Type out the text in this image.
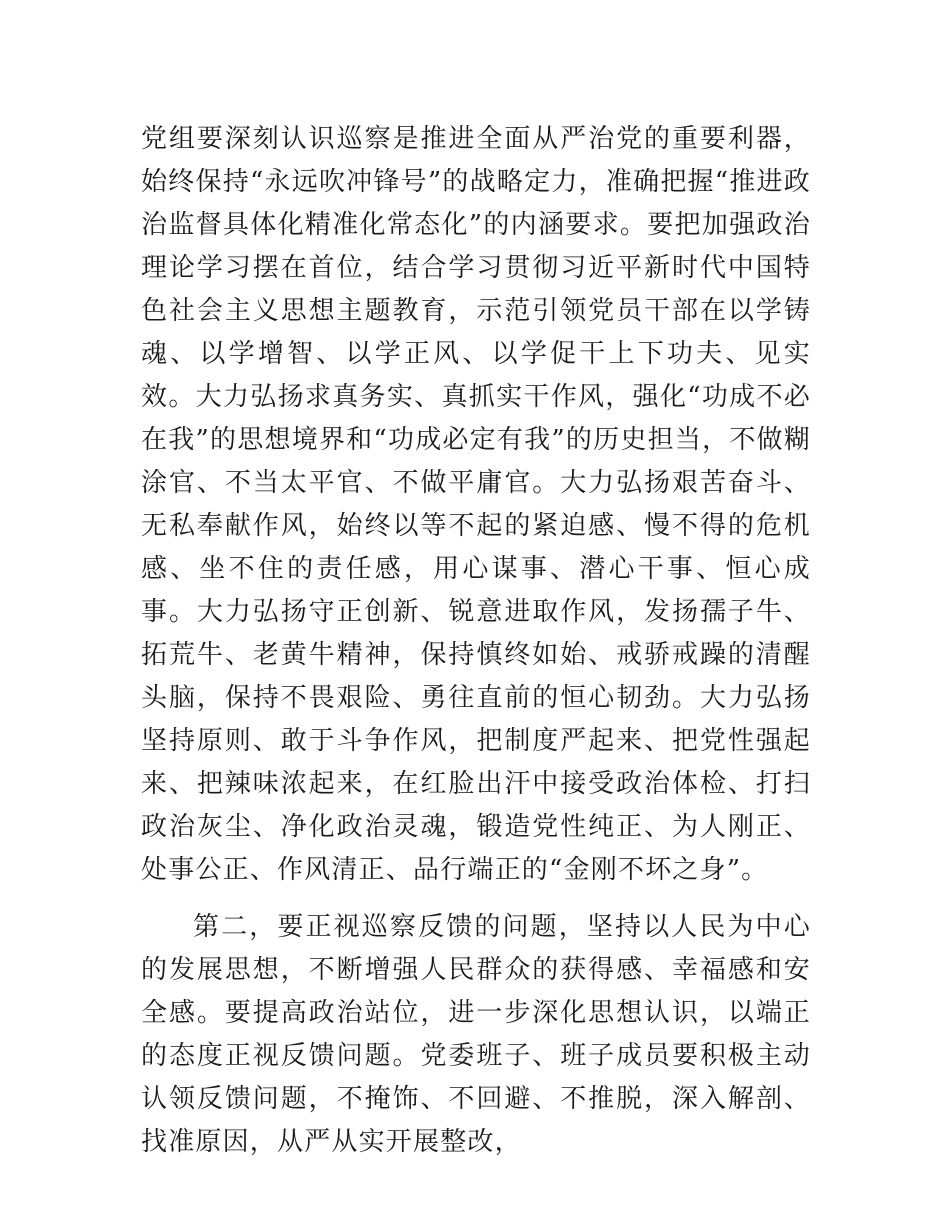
党组要深刻认识巡察是推进全面从严治党的重要利器，始终保持“永远吹冲锋号”的战略定力，准确把握“推进政治监督具体化精准化常态化”的内涵要求。要把加强政治理论学习摆在首位，结合学习贯彻习近平新时代中国特色社会主义思想主题教育，示范引领党员干部在以学铸魂、以学增智、以学正风、以学促干上下功夫、见实效。大力弘扬求真务实、真抓实干作风，强化“功成不必在我”的思想境界和“功成必定有我”的历史担当，不做糊涂官、不当太平官、不做平庸官。大力弘扬艰苦奋斗、无私奉献作风，始终以等不起的紧迫感、慢不得的危机感、坐不住的责任感，用心谋事、潜心干事、恒心成事。大力弘扬守正创新、锐意进取作风，发扬孺子牛、拓荒牛、老黄牛精神，保持慎终如始、戒骄戒躁的清醒头脑，保持不畏艰险、勇往直前的恒心韧劲。大力弘扬坚持原则、敢于斗争作风，把制度严起来、把党性强起来、把辣味浓起来，在红脸出汗中接受政治体检、打扫政治灰尘、净化政治灵魂，锻造党性纯正、为人刚正、处事公正、作风清正、品行端正的“金刚不坏之身”。

第二，要正视巡察反馈的问题，坚持以人民为中心的发展思想，不断增强人民群众的获得感、幸福感和安全感。要提高政治站位，进一步深化思想认识，以端正的态度正视反馈问题。党委班子、班子成员要积极主动认领反馈问题，不掩饰、不回避、不推脱，深入解剖、找准原因，从严从实开展整改，
